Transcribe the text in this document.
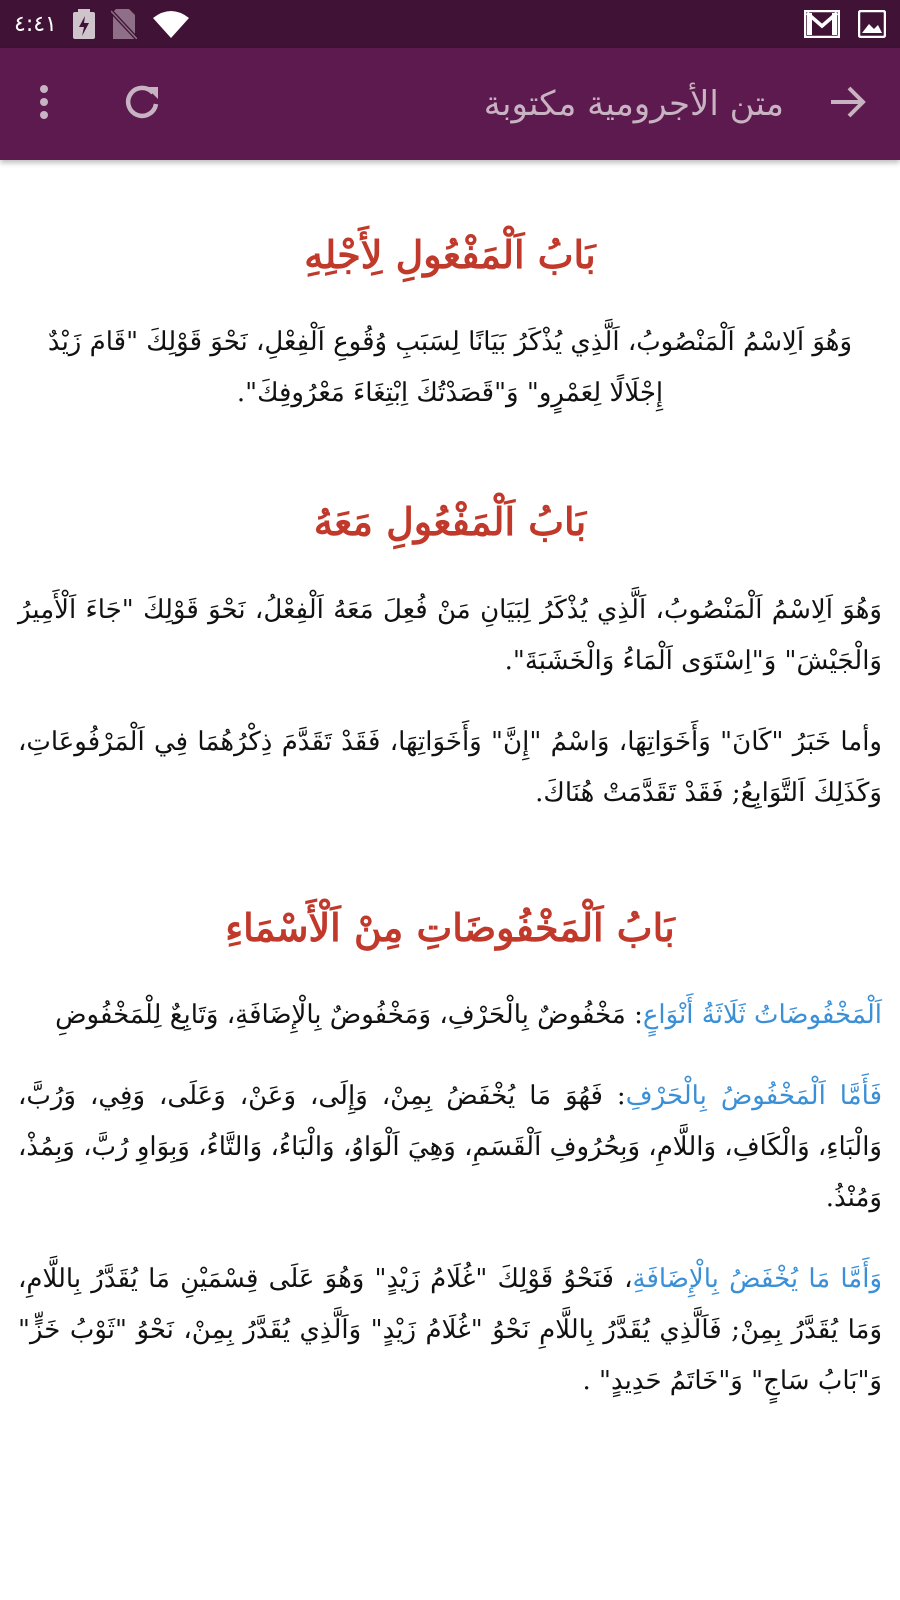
٤:٤١
متن الأجرومية مكتوبة
بَابُ اَلْمَفْعُولِ لِأَجْلِهِ

وَهُوَ اَلِاسْمُ اَلْمَنْصُوبُ، اَلَّذِي يُذْكَرُ بَيَانًا لِسَبَبِ وُقُوعِ اَلْفِعْلِ، نَحْوَ قَوْلِكَ "قَامَ زَيْدٌ إِجْلَالًا لِعَمْرٍو" وَ"قَصَدْتُكَ اِبْتِغَاءَ مَعْرُوفِكَ".

بَابُ اَلْمَفْعُولِ مَعَهُ

وَهُوَ اَلِاسْمُ اَلْمَنْصُوبُ، اَلَّذِي يُذْكَرُ لِبَيَانِ مَنْ فُعِلَ مَعَهُ اَلْفِعْلُ، نَحْوَ قَوْلِكَ "جَاءَ اَلْأَمِيرُ وَالْجَيْشَ" وَ"اِسْتَوَى اَلْمَاءُ وَالْخَشَبَةَ".

وأما خَبَرُ "كَانَ" وَأَخَوَاتِهَا، وَاسْمُ "إِنَّ" وَأَخَوَاتِهَا، فَقَدْ تَقَدَّمَ ذِكْرُهُمَا فِي اَلْمَرْفُوعَاتِ، وَكَذَلِكَ اَلتَّوَابِعُ; فَقَدْ تَقَدَّمَتْ هُنَاكَ.

بَابُ اَلْمَخْفُوضَاتِ مِنْ اَلْأَسْمَاءِ

اَلْمَخْفُوضَاتُ ثَلَاثَةُ أَنْوَاعٍ: مَخْفُوضٌ بِالْحَرْفِ، وَمَخْفُوضٌ بِالْإِضَافَةِ، وَتَابِعٌ لِلْمَخْفُوضِ

فَأَمَّا اَلْمَخْفُوضُ بِالْحَرْفِ: فَهُوَ مَا يُخْفَضُ بِمِنْ، وَإِلَى، وَعَنْ، وَعَلَى، وَفِي، وَرُبَّ، وَالْبَاءِ، وَالْكَافِ، وَاللَّامِ، وَبِحُرُوفِ اَلْقَسَمِ، وَهِيَ اَلْوَاوُ، وَالْبَاءُ، وَالتَّاءُ، وَبِوَاوِ رُبَّ، وَبِمُذْ، وَمُنْذُ.

وَأَمَّا مَا يُخْفَضُ بِالْإِضَافَةِ، فَنَحْوُ قَوْلِكَ "غُلَامُ زَيْدٍ" وَهُوَ عَلَى قِسْمَيْنِ مَا يُقَدَّرُ بِاللَّامِ، وَمَا يُقَدَّرُ بِمِنْ; فَاَلَّذِي يُقَدَّرُ بِاللَّامِ نَحْوُ "غُلَامُ زَيْدٍ" وَاَلَّذِي يُقَدَّرُ بِمِنْ، نَحْوُ "ثَوْبُ خَزٍّ" وَ"بَابُ سَاجٍ" وَ"خَاتَمُ حَدِيدٍ" .
